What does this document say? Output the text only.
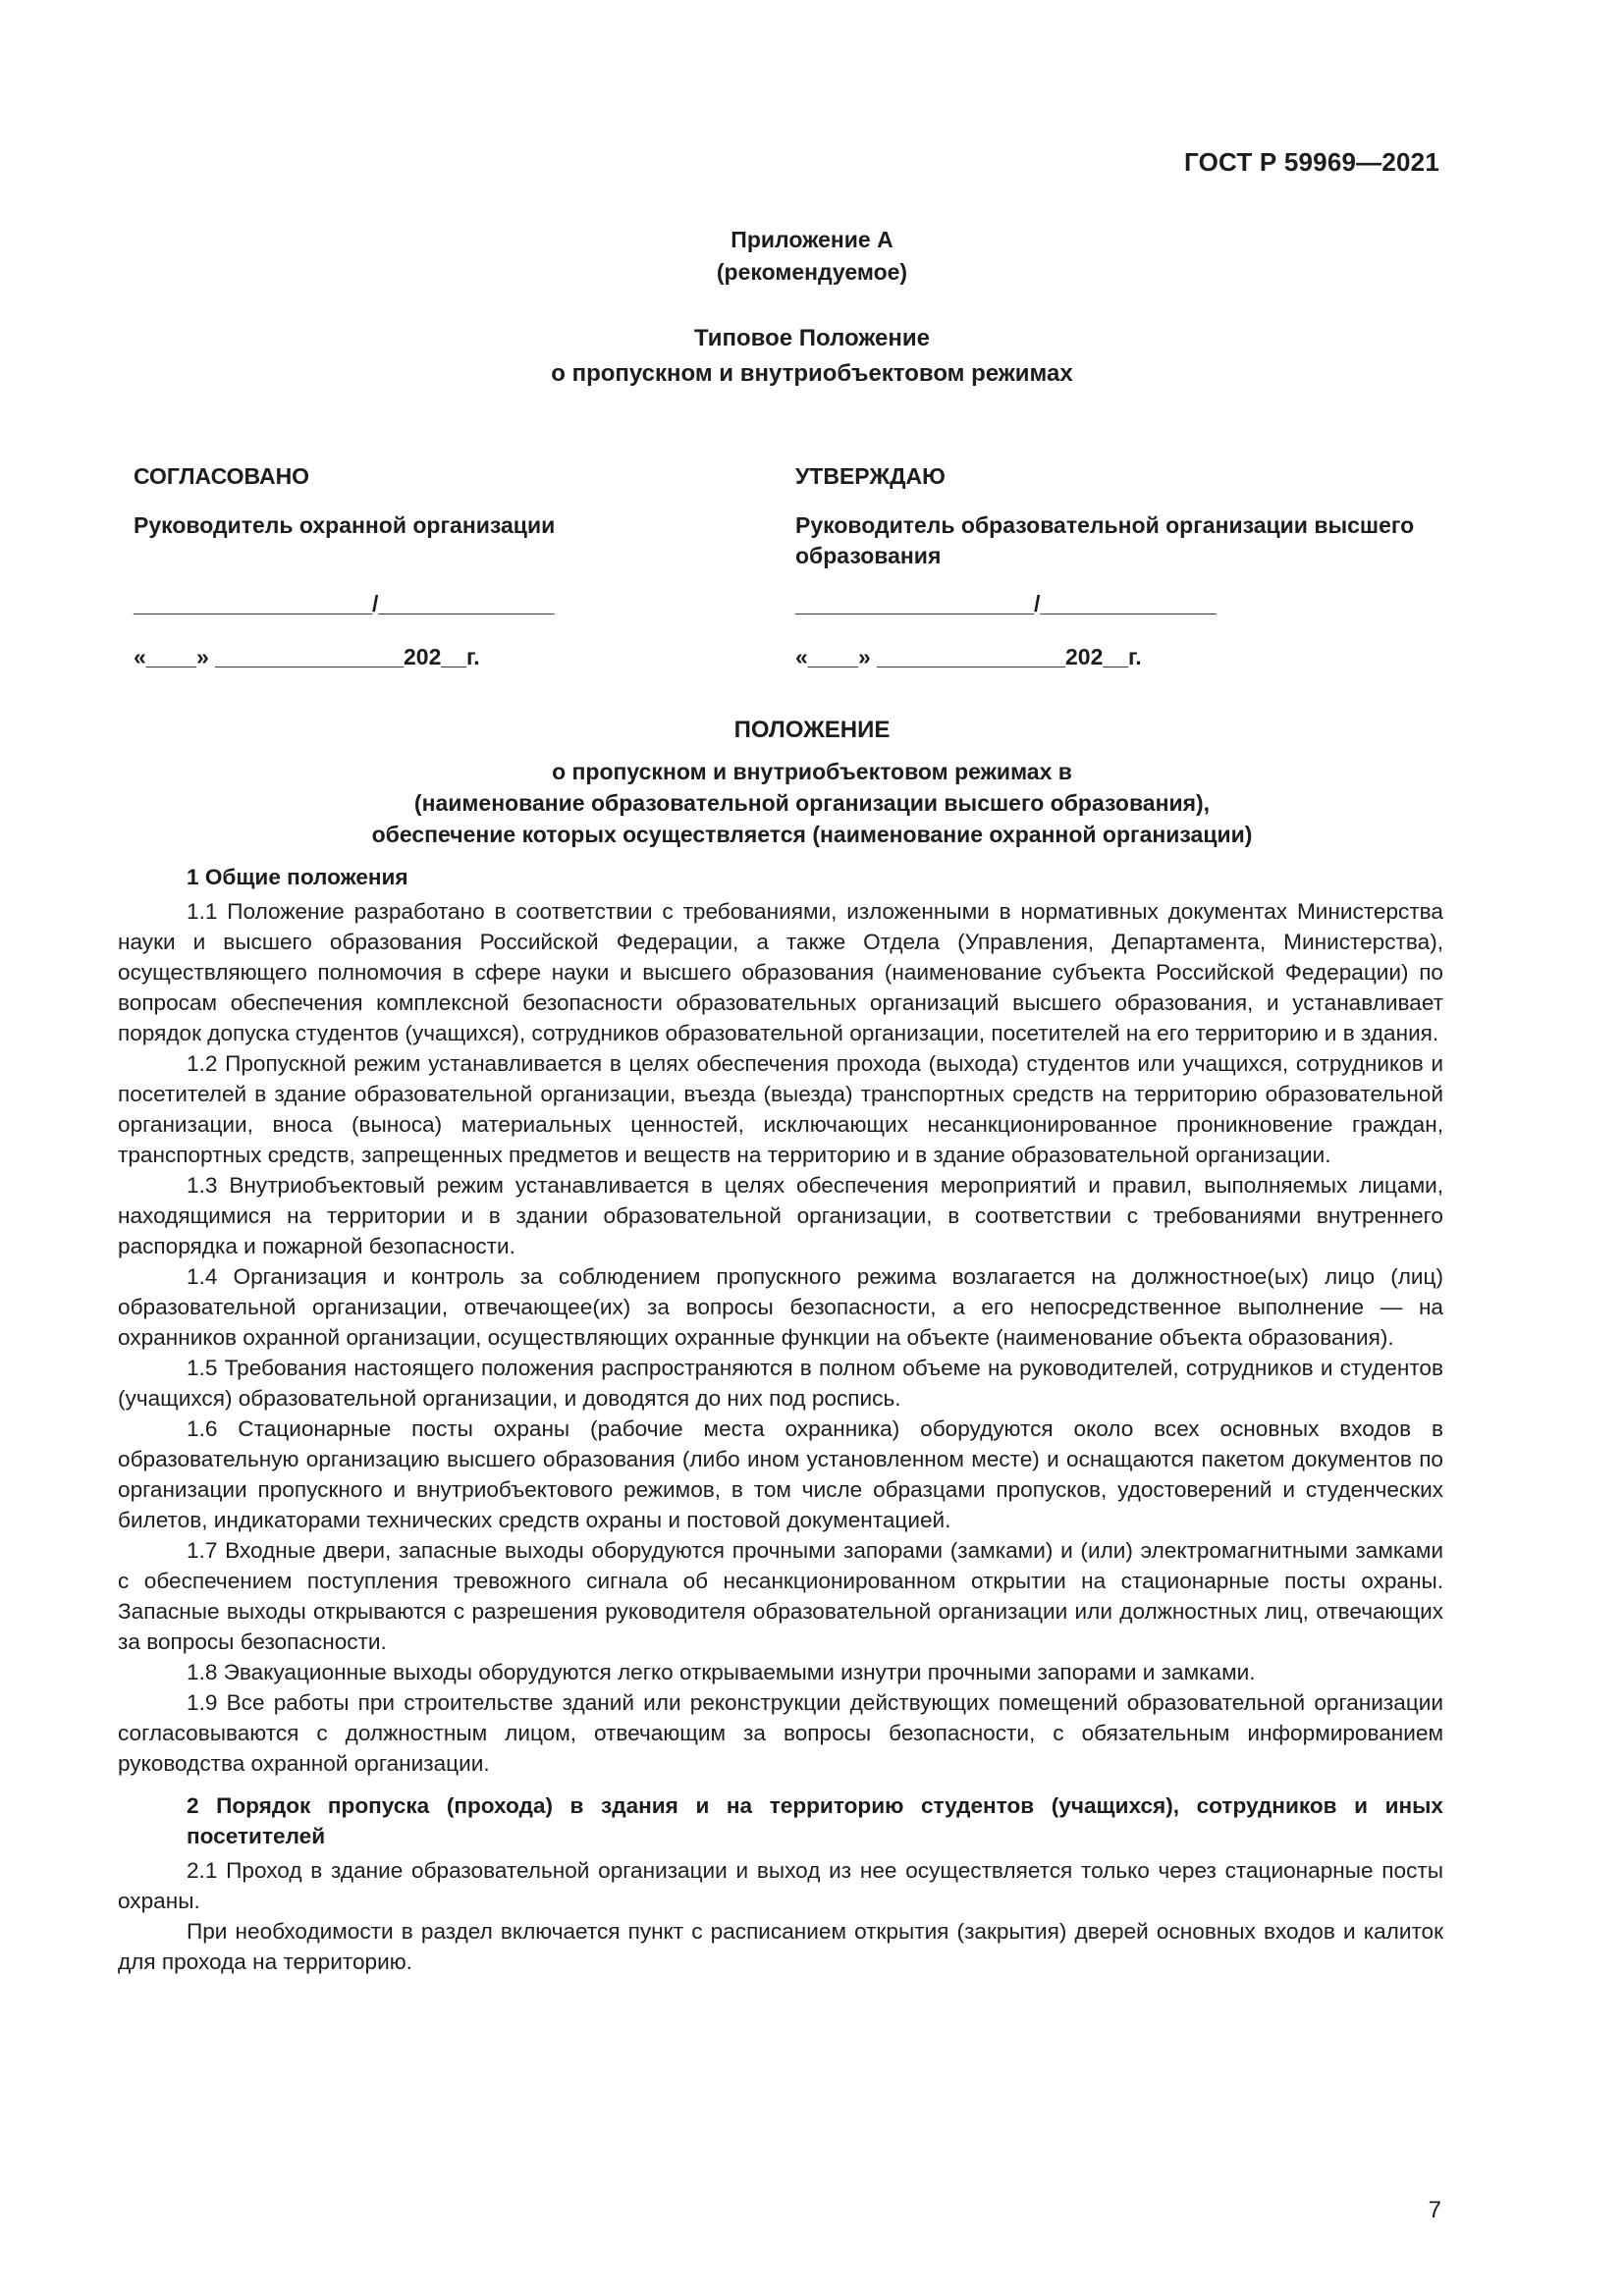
ГОСТ Р 59969—2021
Приложение А
(рекомендуемое)
Типовое Положение
о пропускном и внутриобъектовом режимах
СОГЛАСОВАНО
Руководитель охранной организации
___________________/______________
«____» _______________202__г.
УТВЕРЖДАЮ
Руководитель образовательной организации высшего образования
___________________/______________
«____» _______________202__г.
ПОЛОЖЕНИЕ
о пропускном и внутриобъектовом режимах в
(наименование образовательной организации высшего образования),
обеспечение которых осуществляется (наименование охранной организации)
1 Общие положения

1.1 Положение разработано в соответствии с требованиями, изложенными в нормативных документах Министерства науки и высшего образования Российской Федерации, а также Отдела (Управления, Департамента, Министерства), осуществляющего полномочия в сфере науки и высшего образования (наименование субъекта Российской Федерации) по вопросам обеспечения комплексной безопасности образовательных организаций высшего образования, и устанавливает порядок допуска студентов (учащихся), сотрудников образовательной организации, посетителей на его территорию и в здания.

1.2 Пропускной режим устанавливается в целях обеспечения прохода (выхода) студентов или учащихся, сотрудников и посетителей в здание образовательной организации, въезда (выезда) транспортных средств на территорию образовательной организации, вноса (выноса) материальных ценностей, исключающих несанкционированное проникновение граждан, транспортных средств, запрещенных предметов и веществ на территорию и в здание образовательной организации.

1.3 Внутриобъектовый режим устанавливается в целях обеспечения мероприятий и правил, выполняемых лицами, находящимися на территории и в здании образовательной организации, в соответствии с требованиями внутреннего распорядка и пожарной безопасности.

1.4 Организация и контроль за соблюдением пропускного режима возлагается на должностное(ых) лицо (лиц) образовательной организации, отвечающее(их) за вопросы безопасности, а его непосредственное выполнение — на охранников охранной организации, осуществляющих охранные функции на объекте (наименование объекта образования).

1.5 Требования настоящего положения распространяются в полном объеме на руководителей, сотрудников и студентов (учащихся) образовательной организации, и доводятся до них под роспись.

1.6 Стационарные посты охраны (рабочие места охранника) оборудуются около всех основных входов в образовательную организацию высшего образования (либо ином установленном месте) и оснащаются пакетом документов по организации пропускного и внутриобъектового режимов, в том числе образцами пропусков, удостоверений и студенческих билетов, индикаторами технических средств охраны и постовой документацией.

1.7 Входные двери, запасные выходы оборудуются прочными запорами (замками) и (или) электромагнитными замками с обеспечением поступления тревожного сигнала об несанкционированном открытии на стационарные посты охраны. Запасные выходы открываются с разрешения руководителя образовательной организации или должностных лиц, отвечающих за вопросы безопасности.

1.8 Эвакуационные выходы оборудуются легко открываемыми изнутри прочными запорами и замками.

1.9 Все работы при строительстве зданий или реконструкции действующих помещений образовательной организации согласовываются с должностным лицом, отвечающим за вопросы безопасности, с обязательным информированием руководства охранной организации.

2 Порядок пропуска (прохода) в здания и на территорию студентов (учащихся), сотрудников и иных посетителей

2.1 Проход в здание образовательной организации и выход из нее осуществляется только через стационарные посты охраны.

При необходимости в раздел включается пункт с расписанием открытия (закрытия) дверей основных входов и калиток для прохода на территорию.

7
